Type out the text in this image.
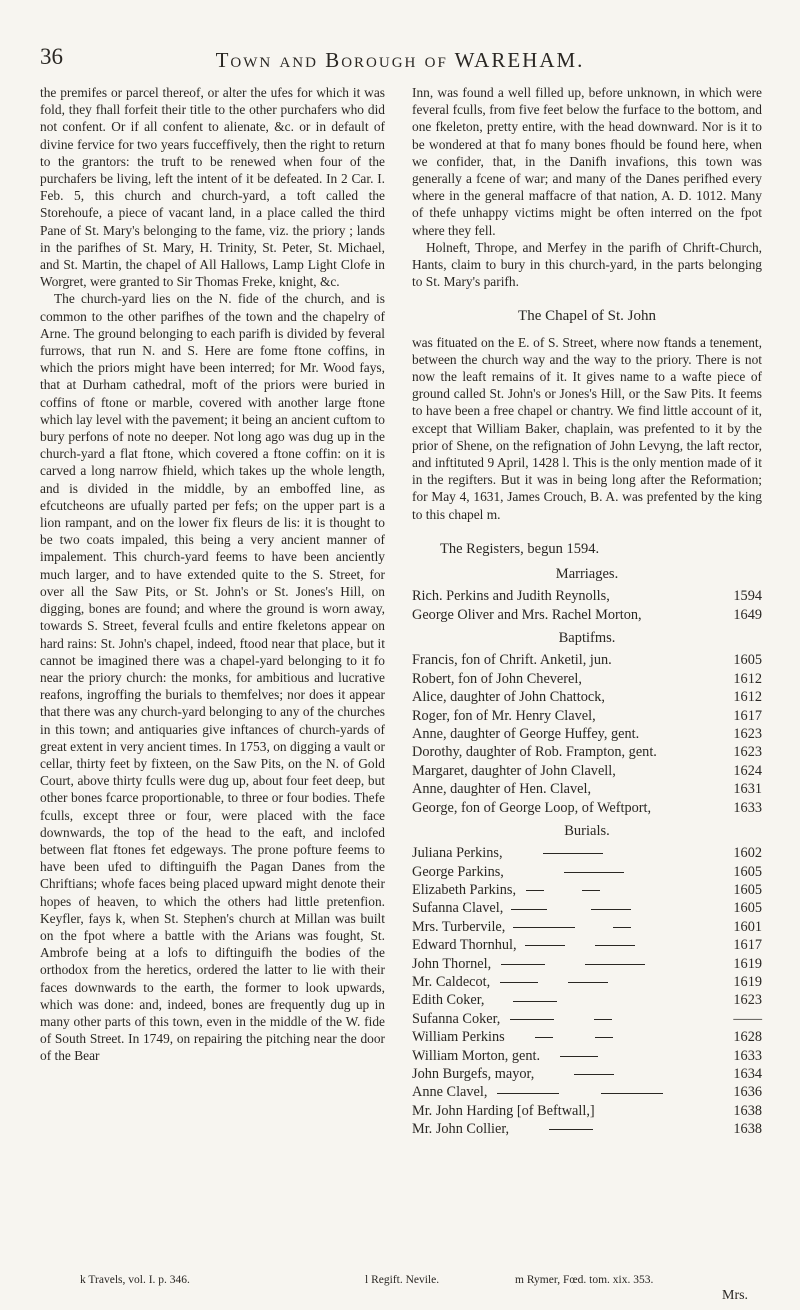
36	Town and Borough of WAREHAM.

the premifes or parcel thereof, or alter the ufes for which it was fold, they fhall forfeit their title to the other purchafers who did not confent. Or if all confent to alienate, &c. or in default of divine fervice for two years fucceffively, then the right to return to the grantors: the truft to be renewed when four of the purchafers be living, left the intent of it be defeated. In 2 Car. I. Feb. 5, this church and church-yard, a toft called the Storehoufe, a piece of vacant land, in a place called the third Pane of St. Mary's belonging to the fame, viz. the priory ; lands in the parifhes of St. Mary, H. Trinity, St. Peter, St. Michael, and St. Martin, the chapel of All Hallows, Lamp Light Clofe in Worgret, were granted to Sir Thomas Freke, knight, &c.

The church-yard lies on the N. fide of the church, and is common to the other parifhes of the town and the chapelry of Arne. The ground belonging to each parifh is divided by feveral furrows, that run N. and S. Here are fome ftone coffins, in which the priors might have been interred; for Mr. Wood fays, that at Durham cathedral, moft of the priors were buried in coffins of ftone or marble, covered with another large ftone which lay level with the pavement; it being an ancient cuftom to bury perfons of note no deeper. Not long ago was dug up in the church-yard a flat ftone, which covered a ftone coffin: on it is carved a long narrow fhield, which takes up the whole length, and is divided in the middle, by an emboffed line, as efcutcheons are ufually parted per fefs; on the upper part is a lion rampant, and on the lower fix fleurs de lis: it is thought to be two coats impaled, this being a very ancient manner of impalement. This church-yard feems to have been anciently much larger, and to have extended quite to the S. Street, for over all the Saw Pits, or St. John's or St. Jones's Hill, on digging, bones are found; and where the ground is worn away, towards S. Street, feveral fculls and entire fkeletons appear on hard rains: St. John's chapel, indeed, ftood near that place, but it cannot be imagined there was a chapel-yard belonging to it fo near the priory church: the monks, for ambitious and lucrative reafons, ingroffing the burials to themfelves; nor does it appear that there was any church-yard belonging to any of the churches in this town; and antiquaries give inftances of church-yards of great extent in very ancient times. In 1753, on digging a vault or cellar, thirty feet by fixteen, on the Saw Pits, on the N. of Gold Court, above thirty fculls were dug up, about four feet deep, but other bones fcarce proportionable, to three or four bodies. Thefe fculls, except three or four, were placed with the face downwards, the top of the head to the eaft, and inclofed between flat ftones fet edgeways. The prone pofture feems to have been ufed to diftinguifh the Pagan Danes from the Chriftians; whofe faces being placed upward might denote their hopes of heaven, to which the others had little pretenfion. Keyfler, fays k, when St. Stephen's church at Millan was built on the fpot where a battle with the Arians was fought, St. Ambrofe being at a lofs to diftinguifh the bodies of the orthodox from the heretics, ordered the latter to lie with their faces downwards to the earth, the former to look upwards, which was done: and, indeed, bones are frequently dug up in many other parts of this town, even in the middle of the W. fide of South Street. In 1749, on repairing the pitching near the door of the Bear

Inn, was found a well filled up, before unknown, in which were feveral fculls, from five feet below the furface to the bottom, and one fkeleton, pretty entire, with the head downward. Nor is it to be wondered at that fo many bones fhould be found here, when we confider, that, in the Danifh invafions, this town was generally a fcene of war; and many of the Danes perifhed every where in the general maffacre of that nation, A. D. 1012. Many of thefe unhappy victims might be often interred on the fpot where they fell.

Holneft, Thrope, and Merfey in the parifh of Chrift-Church, Hants, claim to bury in this church-yard, in the parts belonging to St. Mary's parifh.

The Chapel of St. John

was fituated on the E. of S. Street, where now ftands a tenement, between the church way and the way to the priory. There is not now the leaft remains of it. It gives name to a wafte piece of ground called St. John's or Jones's Hill, or the Saw Pits. It feems to have been a free chapel or chantry. We find little account of it, except that William Baker, chaplain, was prefented to it by the prior of Shene, on the refignation of John Levyng, the laft rector, and inftituted 9 April, 1428 l. This is the only mention made of it in the regifters. But it was in being long after the Reformation; for May 4, 1631, James Crouch, B. A. was prefented by the king to this chapel m.

The Registers, begun 1594.

Marriages.

Rich. Perkins and Judith Reynolls,	1594
George Oliver and Mrs. Rachel Morton,	1649

Baptifms.

Francis, fon of Chrift. Anketil, jun.	1605
Robert, fon of John Cheverel,	1612
Alice, daughter of John Chattock,	1612
Roger, fon of Mr. Henry Clavel,	1617
Anne, daughter of George Huffey, gent.	1623
Dorothy, daughter of Rob. Frampton, gent.	1623
Margaret, daughter of John Clavell,	1624
Anne, daughter of Hen. Clavel,	1631
George, fon of George Loop, of Weftport,	1633

Burials.

Juliana Perkins,	1602
George Parkins,	1605
Elizabeth Parkins,	1605
Sufanna Clavel,	1605
Mrs. Turbervile,	1601
Edward Thornhul,	1617
John Thornel,	1619
Mr. Caldecot,	1619
Edith Coker,	1623
Sufanna Coker,	——
William Perkins	1628
William Morton, gent.	1633
John Burgefs, mayor,	1634
Anne Clavel,	1636
Mr. John Harding [of Beftwall,]	1638
Mr. John Collier,	1638
k Travels, vol. I. p. 346.	l Regift. Nevile.	m Rymer, Fœd. tom. xix. 353.
Mrs.
